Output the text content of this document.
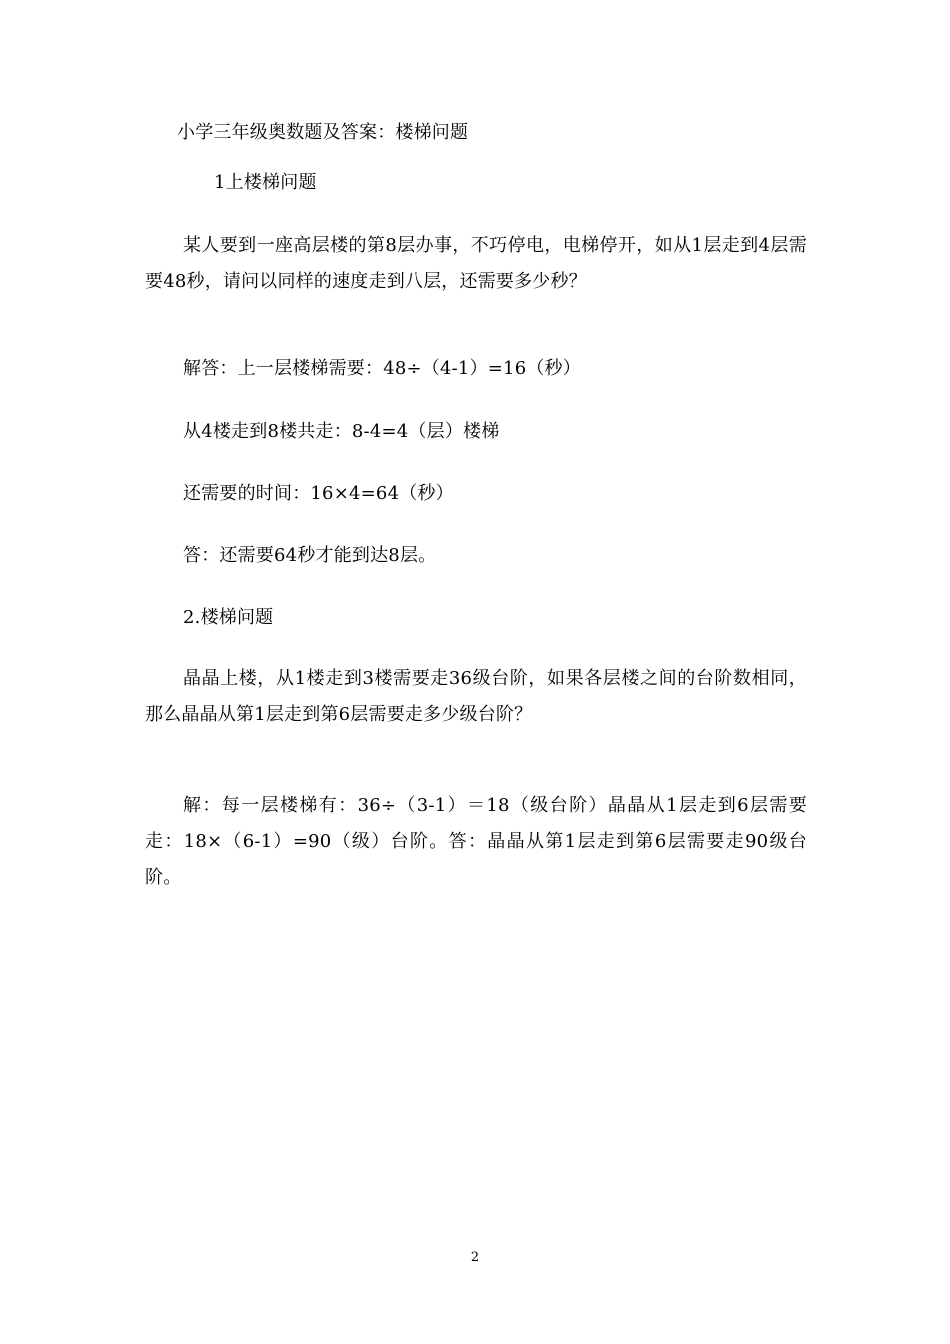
小学三年级奥数题及答案：楼梯问题
1上楼梯问题
某人要到一座高层楼的第8层办事，不巧停电，电梯停开，如从1层走到4层需要48秒，请问以同样的速度走到八层，还需要多少秒？
解答：上一层楼梯需要：48÷（4-1）=16（秒）
从4楼走到8楼共走：8-4=4（层）楼梯
还需要的时间：16×4=64（秒）
答：还需要64秒才能到达8层。
2.楼梯问题
晶晶上楼，从1楼走到3楼需要走36级台阶，如果各层楼之间的台阶数相同，那么晶晶从第1层走到第6层需要走多少级台阶？
解：每一层楼梯有：36÷（3-1）＝18（级台阶）晶晶从1层走到6层需要走：18×（6-1）=90（级）台阶。答：晶晶从第1层走到第6层需要走90级台阶。
2
